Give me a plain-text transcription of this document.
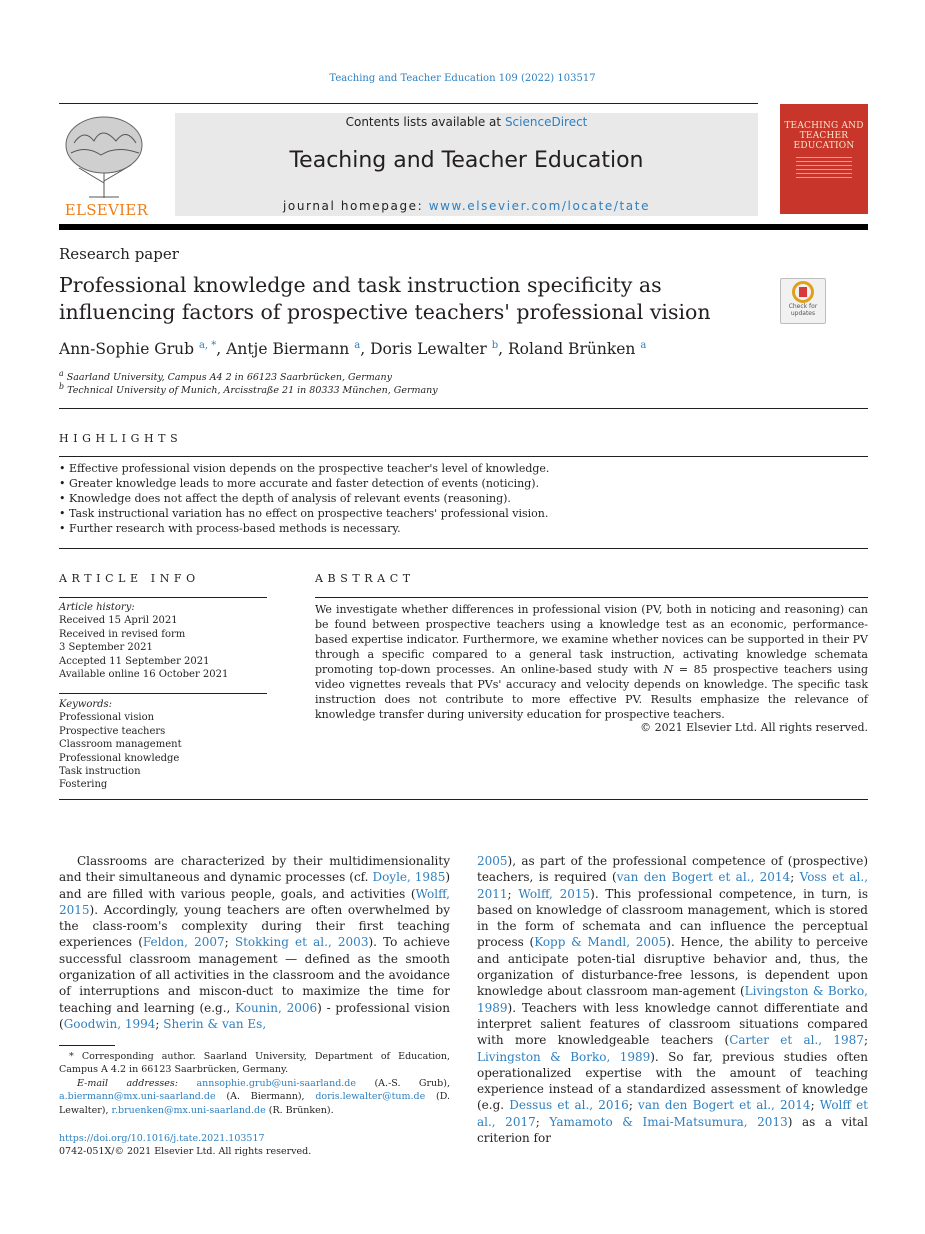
Teaching and Teacher Education 109 (2022) 103517
ELSEVIER
Contents lists available at ScienceDirect
Teaching and Teacher Education
journal homepage: www.elsevier.com/locate/tate
TEACHING AND TEACHER EDUCATION
Research paper
Professional knowledge and task instruction specificity as influencing factors of prospective teachers' professional vision	Check for updates
Ann-Sophie Grub $^{a, *}$, Antje Biermann $^a$, Doris Lewalter $^b$, Roland Brünken $^a$
$^a$ Saarland University, Campus A4 2 in 66123 Saarbrücken, Germany
$^b$ Technical University of Munich, Arcisstraße 21 in 80333 München, Germany
HIGHLIGHTS
• Effective professional vision depends on the prospective teacher's level of knowledge.
• Greater knowledge leads to more accurate and faster detection of events (noticing).
• Knowledge does not affect the depth of analysis of relevant events (reasoning).
• Task instructional variation has no effect on prospective teachers' professional vision.
• Further research with process-based methods is necessary.
ARTICLE INFO
Article history:
Received 15 April 2021
Received in revised form
3 September 2021
Accepted 11 September 2021
Available online 16 October 2021
Keywords:
Professional vision
Prospective teachers
Classroom management
Professional knowledge
Task instruction
Fostering
ABSTRACT
We investigate whether differences in professional vision (PV, both in noticing and reasoning) can be found between prospective teachers using a knowledge test as an economic, performance-based expertise indicator. Furthermore, we examine whether novices can be supported in their PV through a specific compared to a general task instruction, activating knowledge schemata promoting top-down processes. An online-based study with N = 85 prospective teachers using video vignettes reveals that PVs' accuracy and velocity depends on knowledge. The specific task instruction does not contribute to more effective PV. Results emphasize the relevance of knowledge transfer during university education for prospective teachers.
© 2021 Elsevier Ltd. All rights reserved.

Classrooms are characterized by their multidimensionality and their simultaneous and dynamic processes (cf. Doyle, 1985) and are filled with various people, goals, and activities (Wolff, 2015). Accordingly, young teachers are often overwhelmed by the class-room's complexity during their first teaching experiences (Feldon, 2007; Stokking et al., 2003). To achieve successful classroom management — defined as the smooth organization of all activities in the classroom and the avoidance of interruptions and miscon-duct to maximize the time for teaching and learning (e.g., Kounin, 2006) - professional vision (Goodwin, 1994; Sherin & van Es,

2005), as part of the professional competence of (prospective) teachers, is required (van den Bogert et al., 2014; Voss et al., 2011; Wolff, 2015). This professional competence, in turn, is based on knowledge of classroom management, which is stored in the form of schemata and can influence the perceptual process (Kopp & Mandl, 2005). Hence, the ability to perceive and anticipate poten-tial disruptive behavior and, thus, the organization of disturbance-free lessons, is dependent upon knowledge about classroom man-agement (Livingston & Borko, 1989). Teachers with less knowledge cannot differentiate and interpret salient features of classroom situations compared with more knowledgeable teachers (Carter et al., 1987; Livingston & Borko, 1989). So far, previous studies often operationalized expertise with the amount of teaching experience instead of a standardized assessment of knowledge (e.g. Dessus et al., 2016; van den Bogert et al., 2014; Wolff et al., 2017; Yamamoto & Imai-Matsumura, 2013) as a vital criterion for

* Corresponding author. Saarland University, Department of Education, Campus A 4.2 in 66123 Saarbrücken, Germany.
E-mail addresses: annsophie.grub@uni-saarland.de (A.-S. Grub), a.biermann@mx.uni-saarland.de (A. Biermann), doris.lewalter@tum.de (D. Lewalter), r.bruenken@mx.uni-saarland.de (R. Brünken).
https://doi.org/10.1016/j.tate.2021.103517
0742-051X/© 2021 Elsevier Ltd. All rights reserved.
